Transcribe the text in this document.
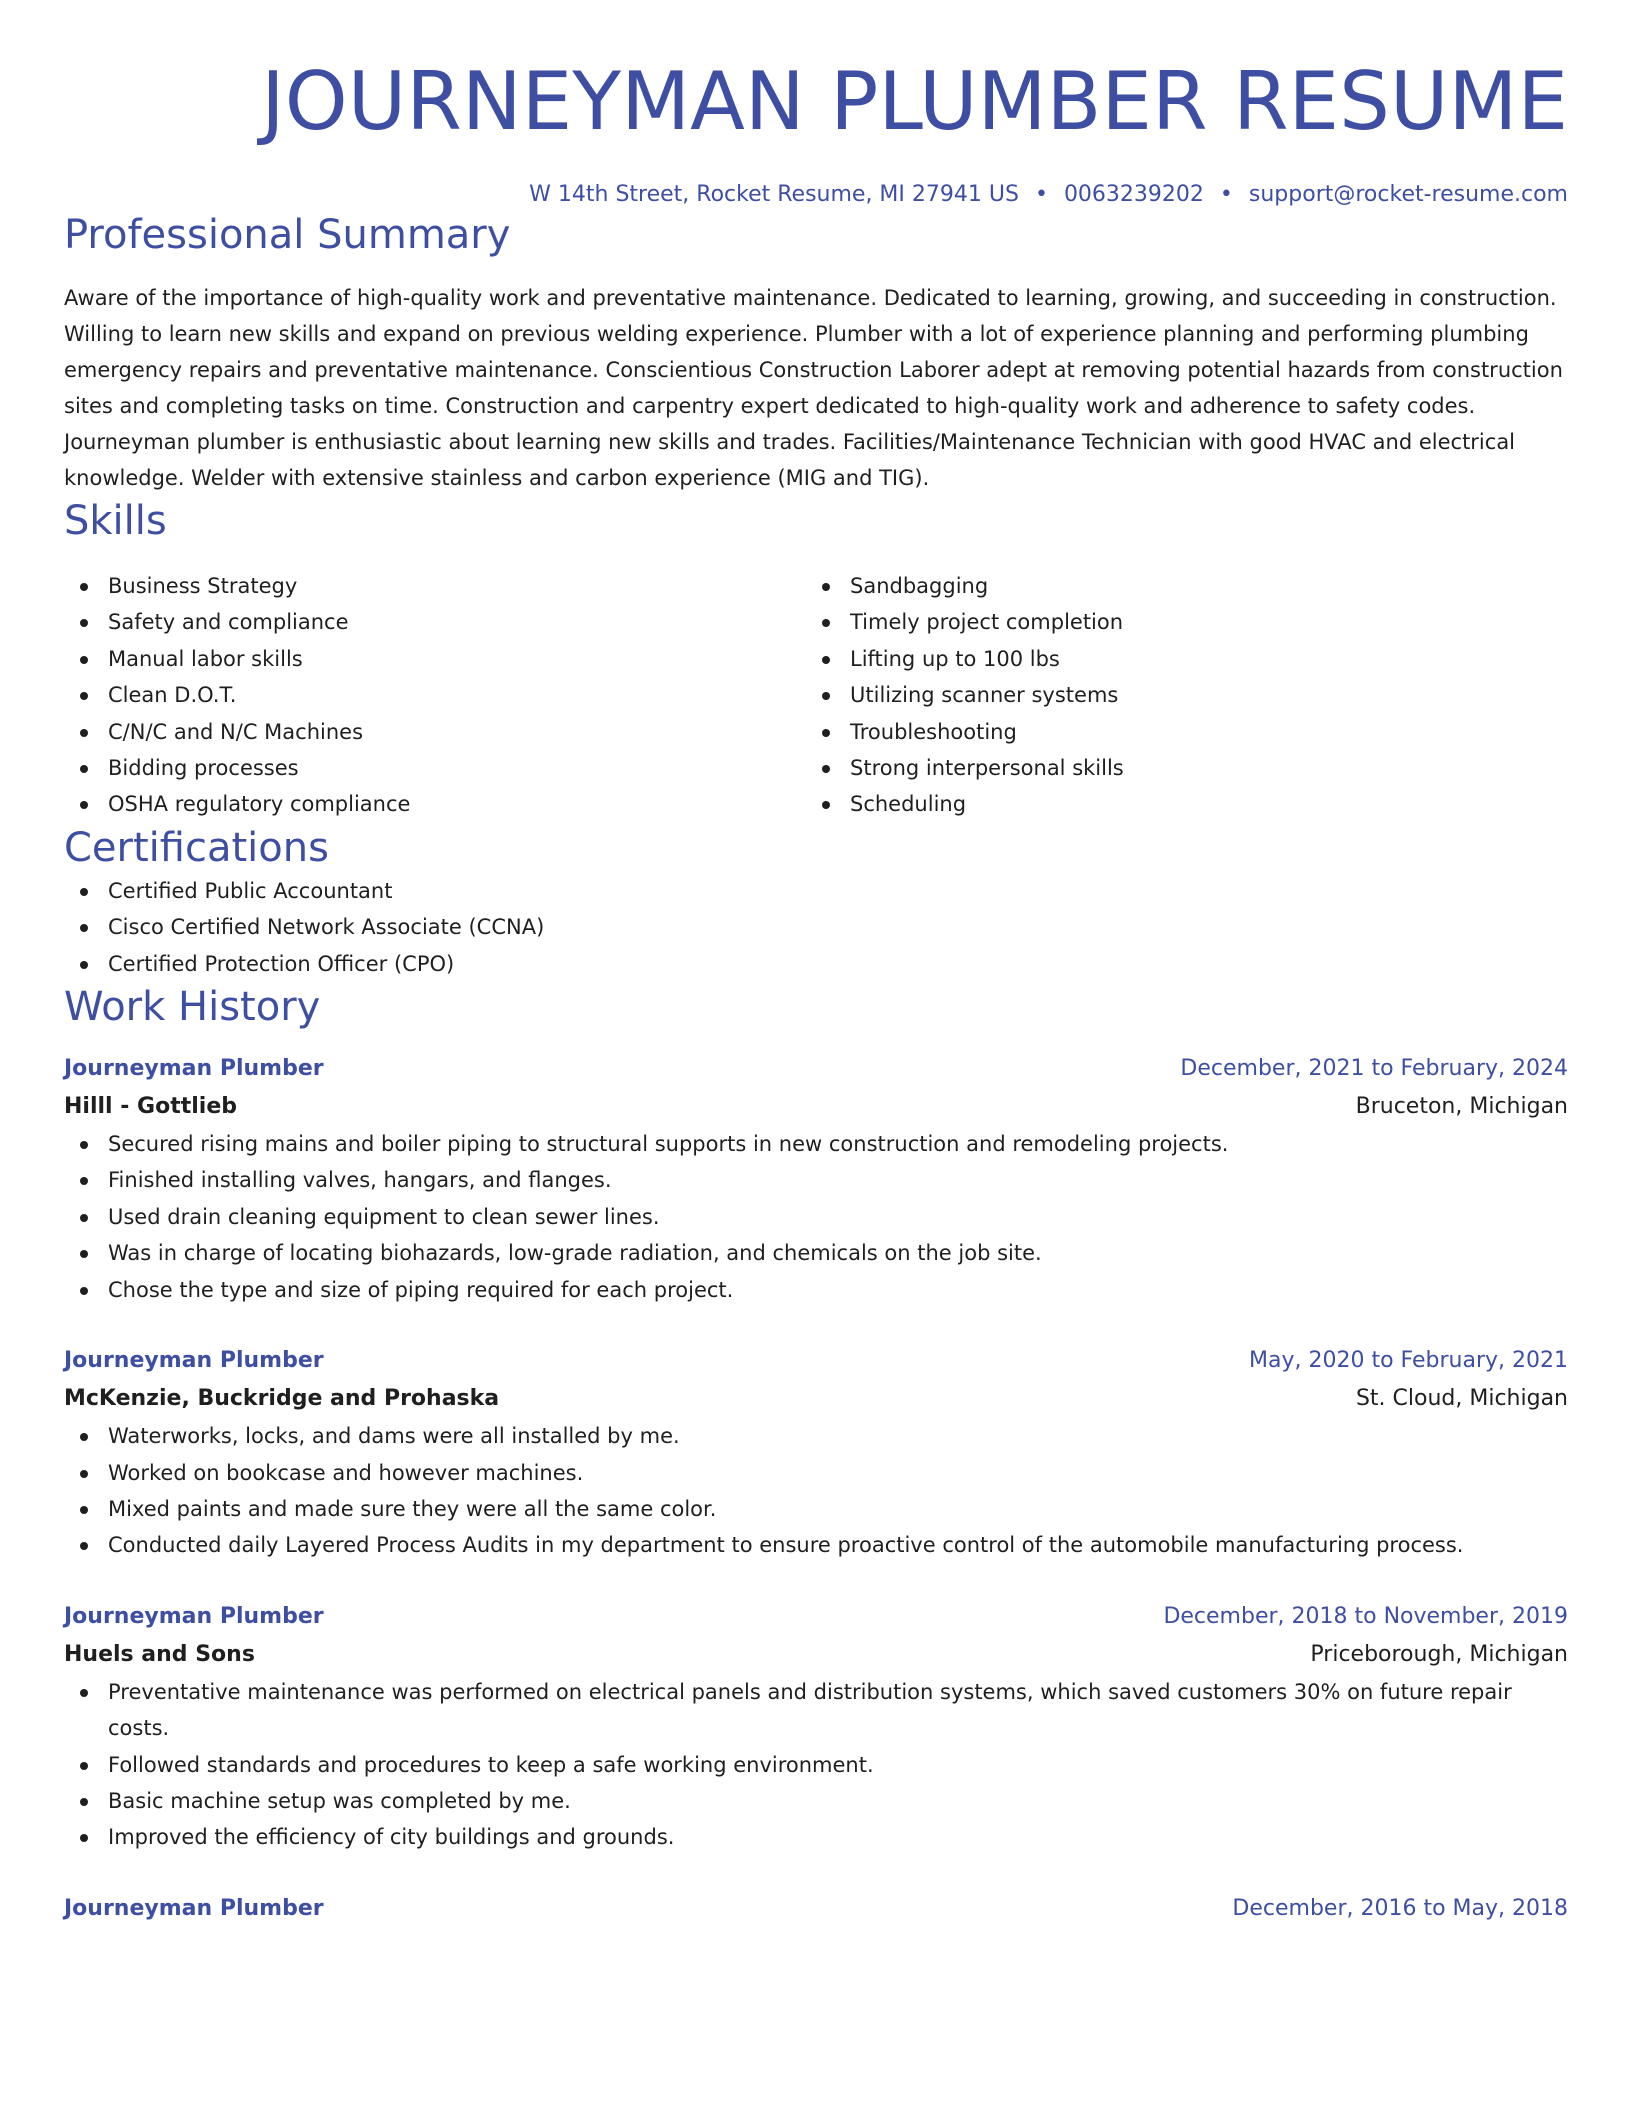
JOURNEYMAN PLUMBER RESUME
W 14th Street, Rocket Resume, MI 27941 US • 0063239202 • support@rocket-resume.com
Professional Summary

Aware of the importance of high-quality work and preventative maintenance. Dedicated to learning, growing, and succeeding in construction. Willing to learn new skills and expand on previous welding experience. Plumber with a lot of experience planning and performing plumbing emergency repairs and preventative maintenance. Conscientious Construction Laborer adept at removing potential hazards from construction sites and completing tasks on time. Construction and carpentry expert dedicated to high-quality work and adherence to safety codes. Journeyman plumber is enthusiastic about learning new skills and trades. Facilities/Maintenance Technician with good HVAC and electrical knowledge. Welder with extensive stainless and carbon experience (MIG and TIG).

Skills
Business Strategy
Safety and compliance
Manual labor skills
Clean D.O.T.
C/N/C and N/C Machines
Bidding processes
OSHA regulatory compliance
Sandbagging
Timely project completion
Lifting up to 100 lbs
Utilizing scanner systems
Troubleshooting
Strong interpersonal skills
Scheduling
Certifications
Certified Public Accountant
Cisco Certified Network Associate (CCNA)
Certified Protection Officer (CPO)
Work History
Journeyman Plumber	December, 2021 to February, 2024
Hilll - Gottlieb	Bruceton, Michigan
Secured rising mains and boiler piping to structural supports in new construction and remodeling projects.
Finished installing valves, hangars, and flanges.
Used drain cleaning equipment to clean sewer lines.
Was in charge of locating biohazards, low-grade radiation, and chemicals on the job site.
Chose the type and size of piping required for each project.
Journeyman Plumber	May, 2020 to February, 2021
McKenzie, Buckridge and Prohaska	St. Cloud, Michigan
Waterworks, locks, and dams were all installed by me.
Worked on bookcase and however machines.
Mixed paints and made sure they were all the same color.
Conducted daily Layered Process Audits in my department to ensure proactive control of the automobile manufacturing process.
Journeyman Plumber	December, 2018 to November, 2019
Huels and Sons	Priceborough, Michigan
Preventative maintenance was performed on electrical panels and distribution systems, which saved customers 30% on future repair costs.
Followed standards and procedures to keep a safe working environment.
Basic machine setup was completed by me.
Improved the efficiency of city buildings and grounds.
Journeyman Plumber	December, 2016 to May, 2018
